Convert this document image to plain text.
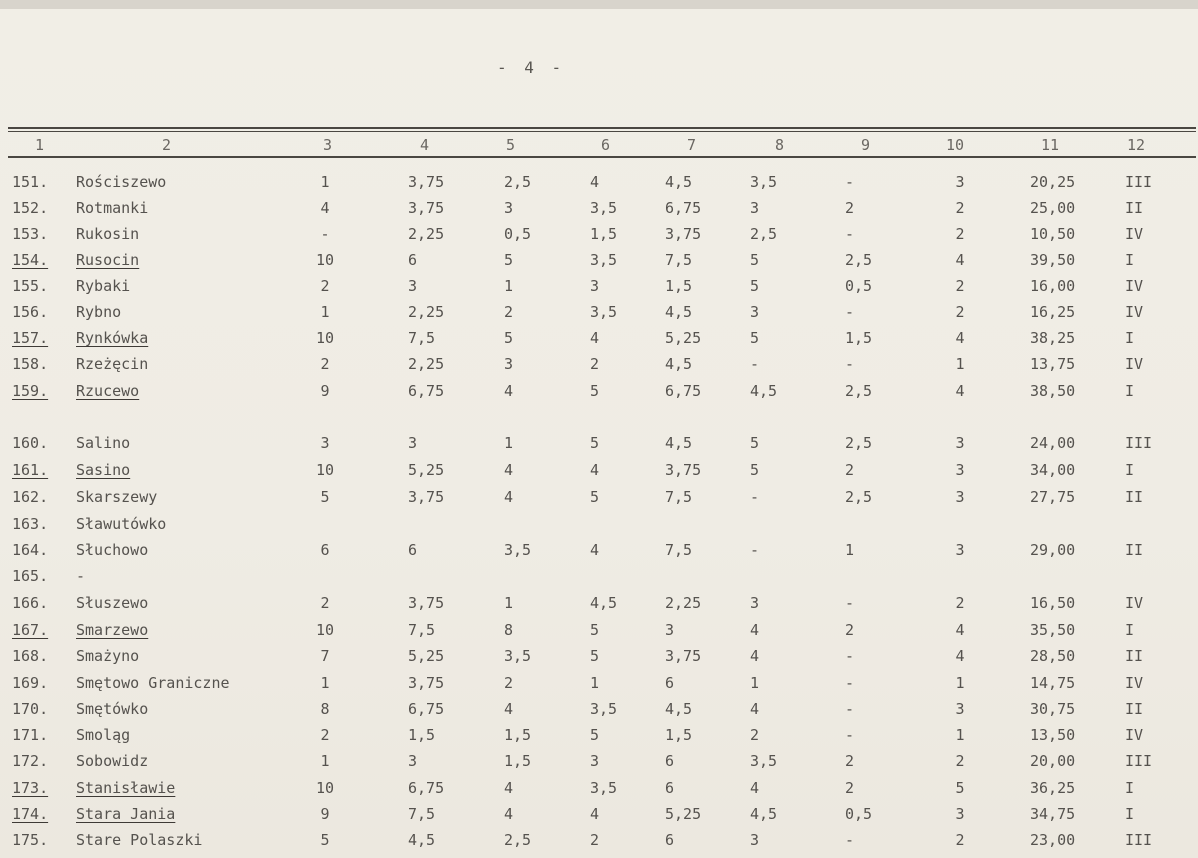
- 4 -
1	2	3	4	5	6	7	8	9	10	11	12
151.	Rościszewo	1	3,75	2,5	4	4,5	3,5	-	3	20,25	III
152.	Rotmanki	4	3,75	3	3,5	6,75	3	2	2	25,00	II
153.	Rukosin	-	2,25	0,5	1,5	3,75	2,5	-	2	10,50	IV
154.	Rusocin	10	6	5	3,5	7,5	5	2,5	4	39,50	I
155.	Rybaki	2	3	1	3	1,5	5	0,5	2	16,00	IV
156.	Rybno	1	2,25	2	3,5	4,5	3	-	2	16,25	IV
157.	Rynkówka	10	7,5	5	4	5,25	5	1,5	4	38,25	I
158.	Rzeżęcin	2	2,25	3	2	4,5	-	-	1	13,75	IV
159.	Rzucewo	9	6,75	4	5	6,75	4,5	2,5	4	38,50	I
160.	Salino	3	3	1	5	4,5	5	2,5	3	24,00	III
161.	Sasino	10	5,25	4	4	3,75	5	2	3	34,00	I
162.	Skarszewy	5	3,75	4	5	7,5	-	2,5	3	27,75	II
163.	Sławutówko
164.	Słuchowo	6	6	3,5	4	7,5	-	1	3	29,00	II
165.	-
166.	Słuszewo	2	3,75	1	4,5	2,25	3	-	2	16,50	IV
167.	Smarzewo	10	7,5	8	5	3	4	2	4	35,50	I
168.	Smażyno	7	5,25	3,5	5	3,75	4	-	4	28,50	II
169.	Smętowo Graniczne	1	3,75	2	1	6	1	-	1	14,75	IV
170.	Smętówko	8	6,75	4	3,5	4,5	4	-	3	30,75	II
171.	Smoląg	2	1,5	1,5	5	1,5	2	-	1	13,50	IV
172.	Sobowidz	1	3	1,5	3	6	3,5	2	2	20,00	III
173.	Stanisławie	10	6,75	4	3,5	6	4	2	5	36,25	I
174.	Stara Jania	9	7,5	4	4	5,25	4,5	0,5	3	34,75	I
175.	Stare Polaszki	5	4,5	2,5	2	6	3	-	2	23,00	III
